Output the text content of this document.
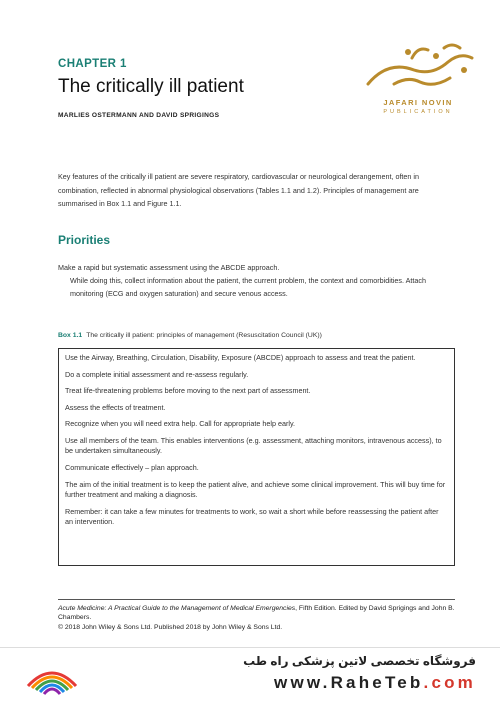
CHAPTER 1
The critically ill patient
MARLIES OSTERMANN AND DAVID SPRIGINGS
JAFARI NOVIN
PUBLICATION

Key features of the critically ill patient are severe respiratory, cardiovascular or neurological derangement, often in combination, reflected in abnormal physiological observations (Tables 1.1 and 1.2). Principles of management are summarised in Box 1.1 and Figure 1.1.

Priorities
Make a rapid but systematic assessment using the ABCDE approach.
While doing this, collect information about the patient, the current problem, the context and comorbidities. Attach monitoring (ECG and oxygen saturation) and secure venous access.
Box 1.1 The critically ill patient: principles of management (Resuscitation Council (UK))
Use the Airway, Breathing, Circulation, Disability, Exposure (ABCDE) approach to assess and treat the patient.
Do a complete initial assessment and re-assess regularly.
Treat life-threatening problems before moving to the next part of assessment.
Assess the effects of treatment.
Recognize when you will need extra help. Call for appropriate help early.
Use all members of the team. This enables interventions (e.g. assessment, attaching monitors, intravenous access), to be undertaken simultaneously.
Communicate effectively – plan approach.
The aim of the initial treatment is to keep the patient alive, and achieve some clinical improvement. This will buy time for further treatment and making a diagnosis.
Remember: it can take a few minutes for treatments to work, so wait a short while before reassessing the patient after an intervention.
Acute Medicine: A Practical Guide to the Management of Medical Emergencies, Fifth Edition. Edited by David Sprigings and John B. Chambers.
© 2018 John Wiley & Sons Ltd. Published 2018 by John Wiley & Sons Ltd.
فروشگاه تخصصی لاتین پزشکی راه طب
www.RaheTeb.com
